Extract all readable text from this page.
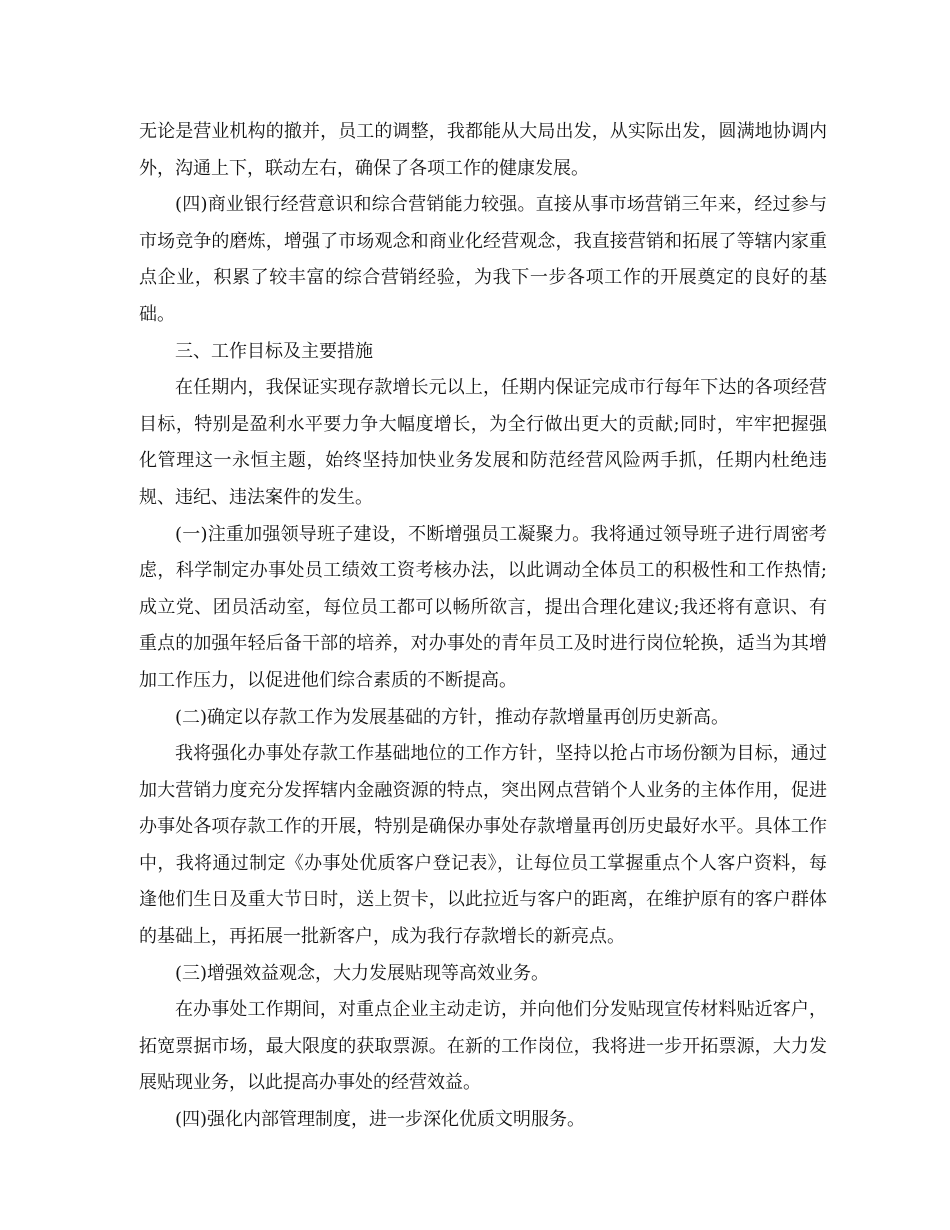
无论是营业机构的撤并，员工的调整，我都能从大局出发，从实际出发，圆满地协调内外，沟通上下，联动左右，确保了各项工作的健康发展。

(四)商业银行经营意识和综合营销能力较强。直接从事市场营销三年来，经过参与市场竞争的磨炼，增强了市场观念和商业化经营观念，我直接营销和拓展了等辖内家重点企业，积累了较丰富的综合营销经验，为我下一步各项工作的开展奠定的良好的基础。

三、工作目标及主要措施

在任期内，我保证实现存款增长元以上，任期内保证完成市行每年下达的各项经营目标，特别是盈利水平要力争大幅度增长，为全行做出更大的贡献;同时，牢牢把握强化管理这一永恒主题，始终坚持加快业务发展和防范经营风险两手抓，任期内杜绝违规、违纪、违法案件的发生。

(一)注重加强领导班子建设，不断增强员工凝聚力。我将通过领导班子进行周密考虑，科学制定办事处员工绩效工资考核办法，以此调动全体员工的积极性和工作热情;成立党、团员活动室，每位员工都可以畅所欲言，提出合理化建议;我还将有意识、有重点的加强年轻后备干部的培养，对办事处的青年员工及时进行岗位轮换，适当为其增加工作压力，以促进他们综合素质的不断提高。

(二)确定以存款工作为发展基础的方针，推动存款增量再创历史新高。

我将强化办事处存款工作基础地位的工作方针，坚持以抢占市场份额为目标，通过加大营销力度充分发挥辖内金融资源的特点，突出网点营销个人业务的主体作用，促进办事处各项存款工作的开展，特别是确保办事处存款增量再创历史最好水平。具体工作中，我将通过制定《办事处优质客户登记表》，让每位员工掌握重点个人客户资料，每逢他们生日及重大节日时，送上贺卡，以此拉近与客户的距离，在维护原有的客户群体的基础上，再拓展一批新客户，成为我行存款增长的新亮点。

(三)增强效益观念，大力发展贴现等高效业务。

在办事处工作期间，对重点企业主动走访，并向他们分发贴现宣传材料贴近客户，拓宽票据市场，最大限度的获取票源。在新的工作岗位，我将进一步开拓票源，大力发展贴现业务，以此提高办事处的经营效益。

(四)强化内部管理制度，进一步深化优质文明服务。
